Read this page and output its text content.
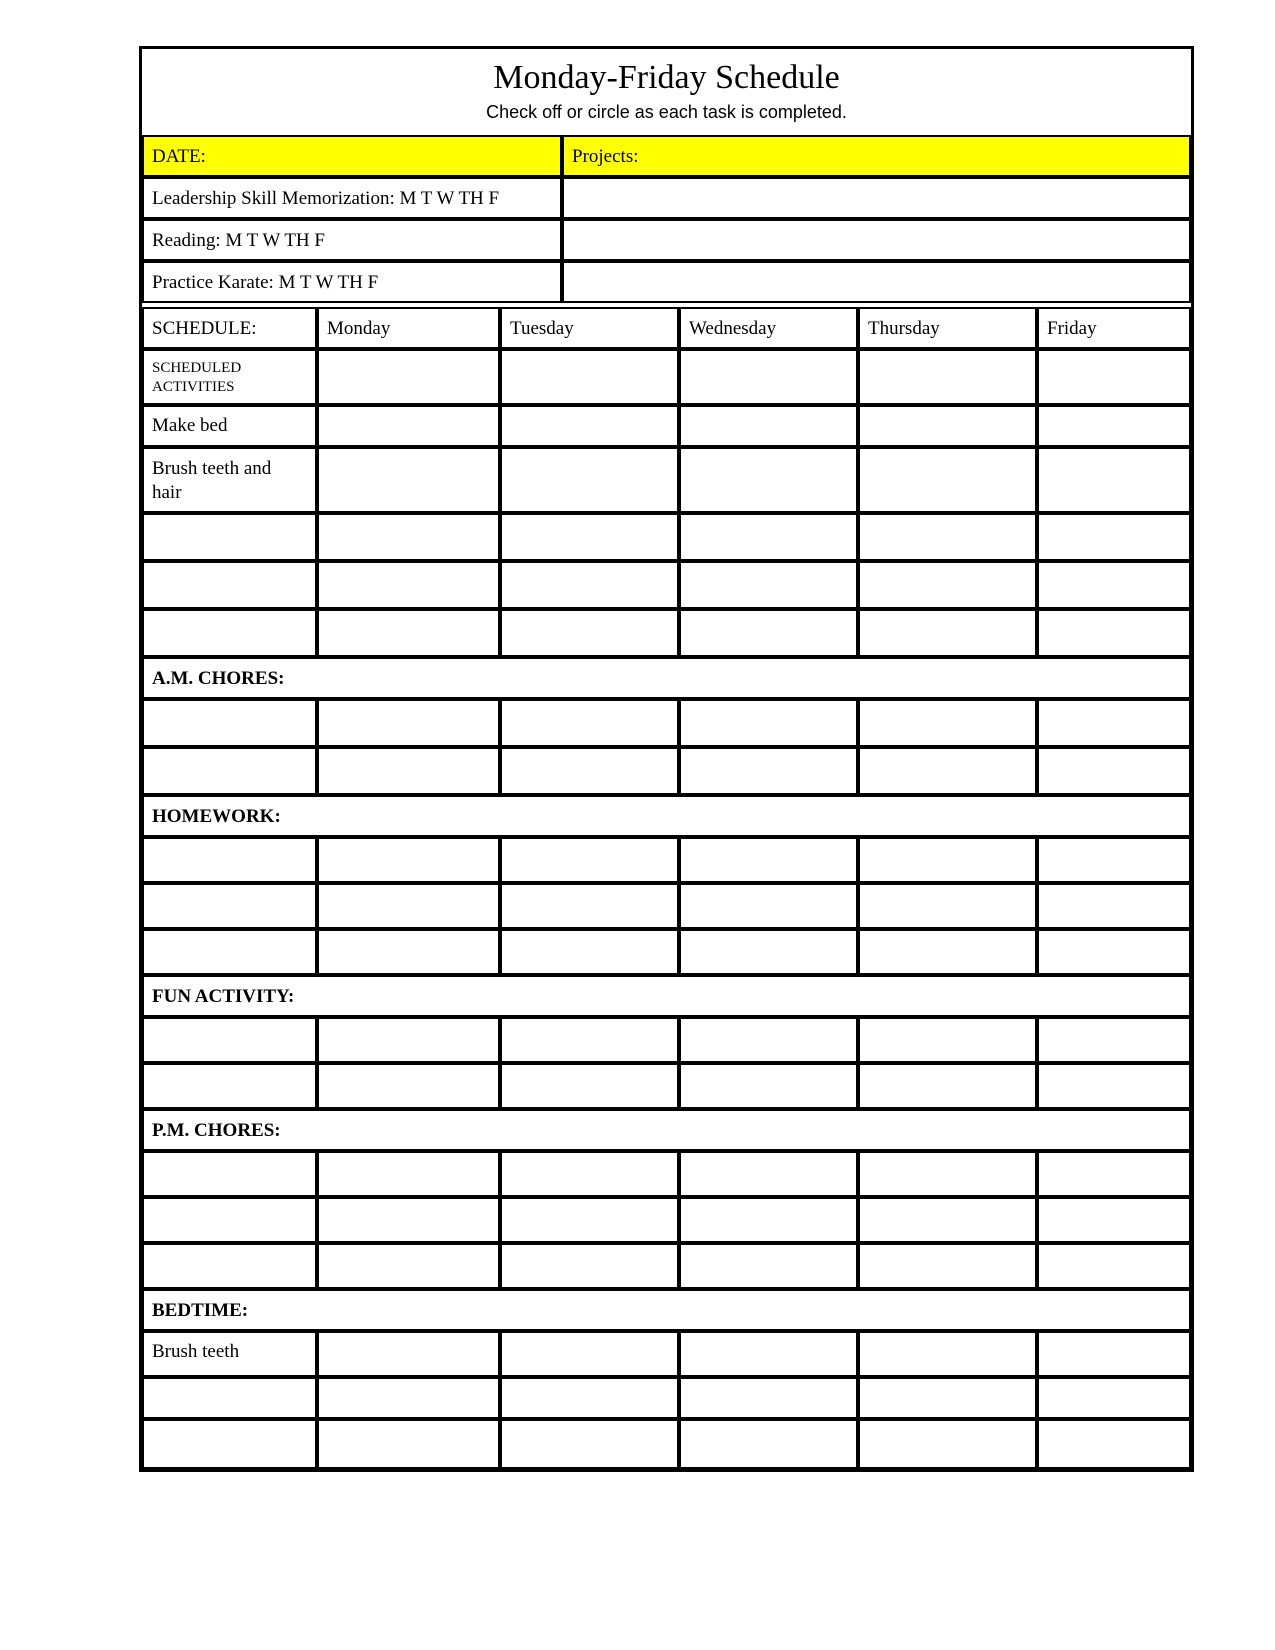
Monday-Friday Schedule
Check off or circle as each task is completed.
DATE:	Projects:
Leadership Skill Memorization: M T W TH F
Reading: M T W TH F
Practice Karate: M T W TH F
SCHEDULE:	Monday	Tuesday	Wednesday	Thursday	Friday
SCHEDULED ACTIVITIES
Make bed
Brush teeth and hair
A.M. CHORES:
HOMEWORK:
FUN ACTIVITY:
P.M. CHORES:
BEDTIME:
Brush teeth
